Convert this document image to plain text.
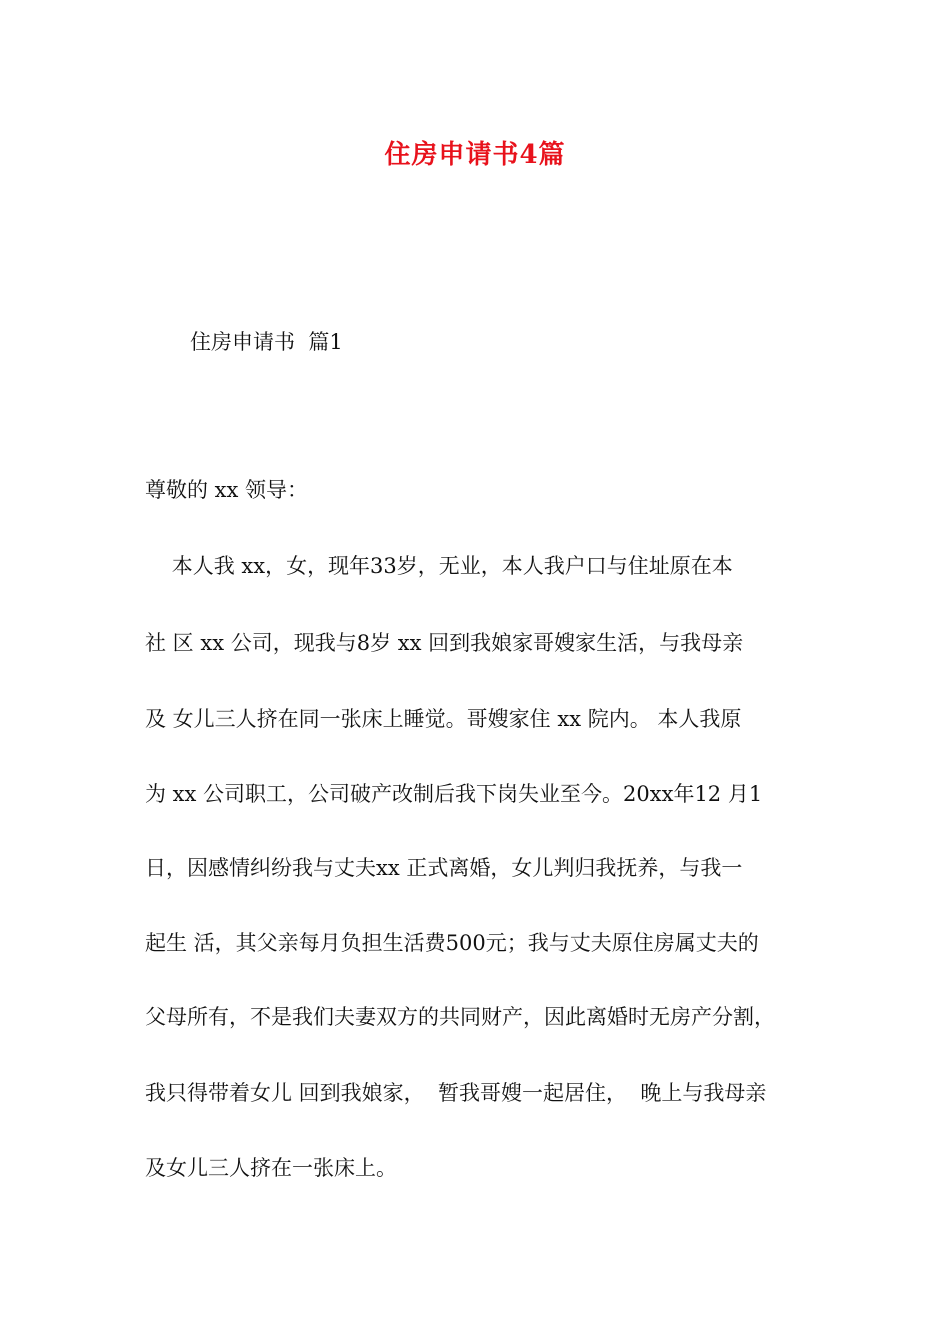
住房申请书4篇
住房申请书  篇1
尊敬的 xx 领导：
本人我 xx，女，现年33岁，无业，本人我户口与住址原在本
社 区 xx 公司，现我与8岁 xx 回到我娘家哥嫂家生活，与我母亲
及 女儿三人挤在同一张床上睡觉。哥嫂家住 xx 院内。 本人我原
为 xx 公司职工，公司破产改制后我下岗失业至今。20xx年12 月1
日，因感情纠纷我与丈夫xx 正式离婚，女儿判归我抚养，与我一
起生 活，其父亲每月负担生活费500元；我与丈夫原住房属丈夫的
父母所有，不是我们夫妻双方的共同财产，因此离婚时无房产分割，
我只得带着女儿 回到我娘家，  暂我哥嫂一起居住，  晚上与我母亲
及女儿三人挤在一张床上。
